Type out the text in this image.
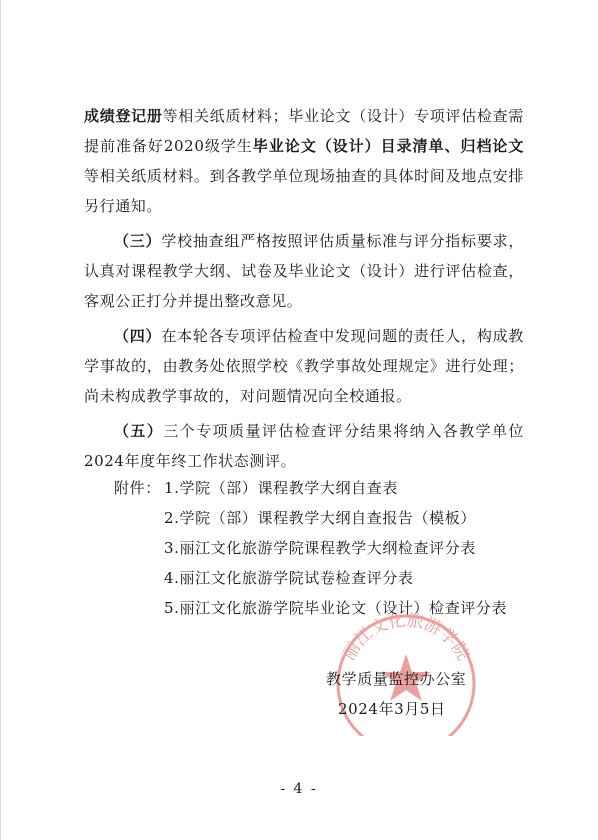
成绩登记册等相关纸质材料；毕业论文（设计）专项评估检查需提前准备好2020级学生毕业论文（设计）目录清单、归档论文等相关纸质材料。到各教学单位现场抽查的具体时间及地点安排另行通知。

（三）学校抽查组严格按照评估质量标准与评分指标要求，认真对课程教学大纲、试卷及毕业论文（设计）进行评估检查，客观公正打分并提出整改意见。

（四）在本轮各专项评估检查中发现问题的责任人，构成教学事故的，由教务处依照学校《教学事故处理规定》进行处理；尚未构成教学事故的，对问题情况向全校通报。

（五）三个专项质量评估检查评分结果将纳入各教学单位2024年度年终工作状态测评。

附件： 1.学院（部）课程教学大纲自查表
2.学院（部）课程教学大纲自查报告（模板）
3.丽江文化旅游学院课程教学大纲检查评分表
4.丽江文化旅游学院试卷检查评分表
5.丽江文化旅游学院毕业论文（设计）检查评分表
丽江文化旅游学院
教学质量监控办公室
2024年3月5日
- 4 -
